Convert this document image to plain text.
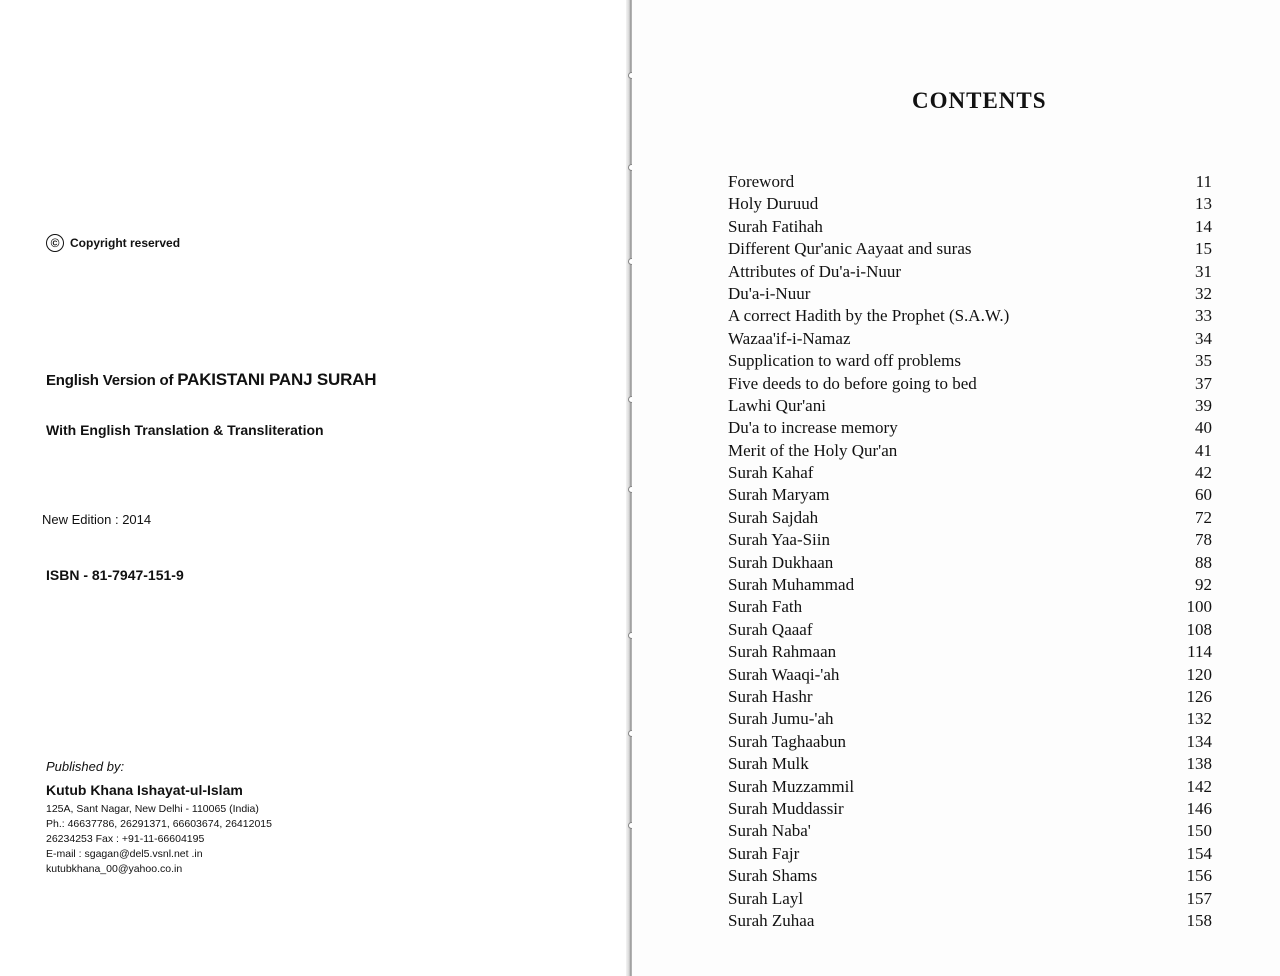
© Copyright reserved
English Version of PAKISTANI PANJ SURAH
With English Translation & Transliteration
New Edition : 2014
ISBN - 81-7947-151-9
Published by:
Kutub Khana Ishayat-ul-Islam
125A, Sant Nagar, New Delhi - 110065 (India)
Ph.: 46637786, 26291371, 66603674, 26412015
26234253 Fax : +91-11-66604195
E-mail : sgagan@del5.vsnl.net .in
kutubkhana_00@yahoo.co.in
CONTENTS
Foreword	11
Holy Duruud	13
Surah Fatihah	14
Different Qur'anic Aayaat and suras	15
Attributes of Du'a-i-Nuur	31
Du'a-i-Nuur	32
A correct Hadith by the Prophet (S.A.W.)	33
Wazaa'if-i-Namaz	34
Supplication to ward off problems	35
Five deeds to do before going to bed	37
Lawhi Qur'ani	39
Du'a to increase memory	40
Merit of the Holy Qur'an	41
Surah Kahaf	42
Surah Maryam	60
Surah Sajdah	72
Surah Yaa-Siin	78
Surah Dukhaan	88
Surah Muhammad	92
Surah Fath	100
Surah Qaaaf	108
Surah Rahmaan	114
Surah Waaqi-'ah	120
Surah Hashr	126
Surah Jumu-'ah	132
Surah Taghaabun	134
Surah Mulk	138
Surah Muzzammil	142
Surah Muddassir	146
Surah Naba'	150
Surah Fajr	154
Surah Shams	156
Surah Layl	157
Surah Zuhaa	158
